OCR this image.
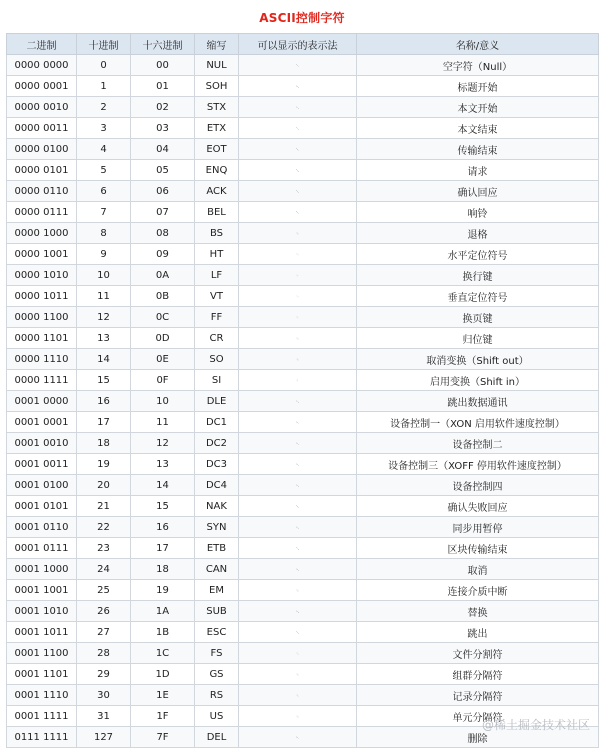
ASCII控制字符
二进制	十进制	十六进制	缩写	可以显示的表示法	名称/意义
0000 0000	0	00	NUL	␀	空字符（Null）
0000 0001	1	01	SOH	␁	标题开始
0000 0010	2	02	STX	␂	本文开始
0000 0011	3	03	ETX	␃	本文结束
0000 0100	4	04	EOT	␄	传输结束
0000 0101	5	05	ENQ	␅	请求
0000 0110	6	06	ACK	␆	确认回应
0000 0111	7	07	BEL	␇	响铃
0000 1000	8	08	BS	␈	退格
0000 1001	9	09	HT	␉	水平定位符号
0000 1010	10	0A	LF	␊	换行键
0000 1011	11	0B	VT	␋	垂直定位符号
0000 1100	12	0C	FF	␌	换页键
0000 1101	13	0D	CR	␍	归位键
0000 1110	14	0E	SO	␎	取消变换（Shift out）
0000 1111	15	0F	SI	␏	启用变换（Shift in）
0001 0000	16	10	DLE	␐	跳出数据通讯
0001 0001	17	11	DC1	␑	设备控制一（XON 启用软件速度控制）
0001 0010	18	12	DC2	␒	设备控制二
0001 0011	19	13	DC3	␓	设备控制三（XOFF 停用软件速度控制）
0001 0100	20	14	DC4	␔	设备控制四
0001 0101	21	15	NAK	␕	确认失败回应
0001 0110	22	16	SYN	␖	同步用暂停
0001 0111	23	17	ETB	␗	区块传输结束
0001 1000	24	18	CAN	␘	取消
0001 1001	25	19	EM	␙	连接介质中断
0001 1010	26	1A	SUB	␚	替换
0001 1011	27	1B	ESC	␛	跳出
0001 1100	28	1C	FS	␜	文件分割符
0001 1101	29	1D	GS	␝	组群分隔符
0001 1110	30	1E	RS	␞	记录分隔符
0001 1111	31	1F	US	␟	单元分隔符
0111 1111	127	7F	DEL	␡	删除
@稀土掘金技术社区
